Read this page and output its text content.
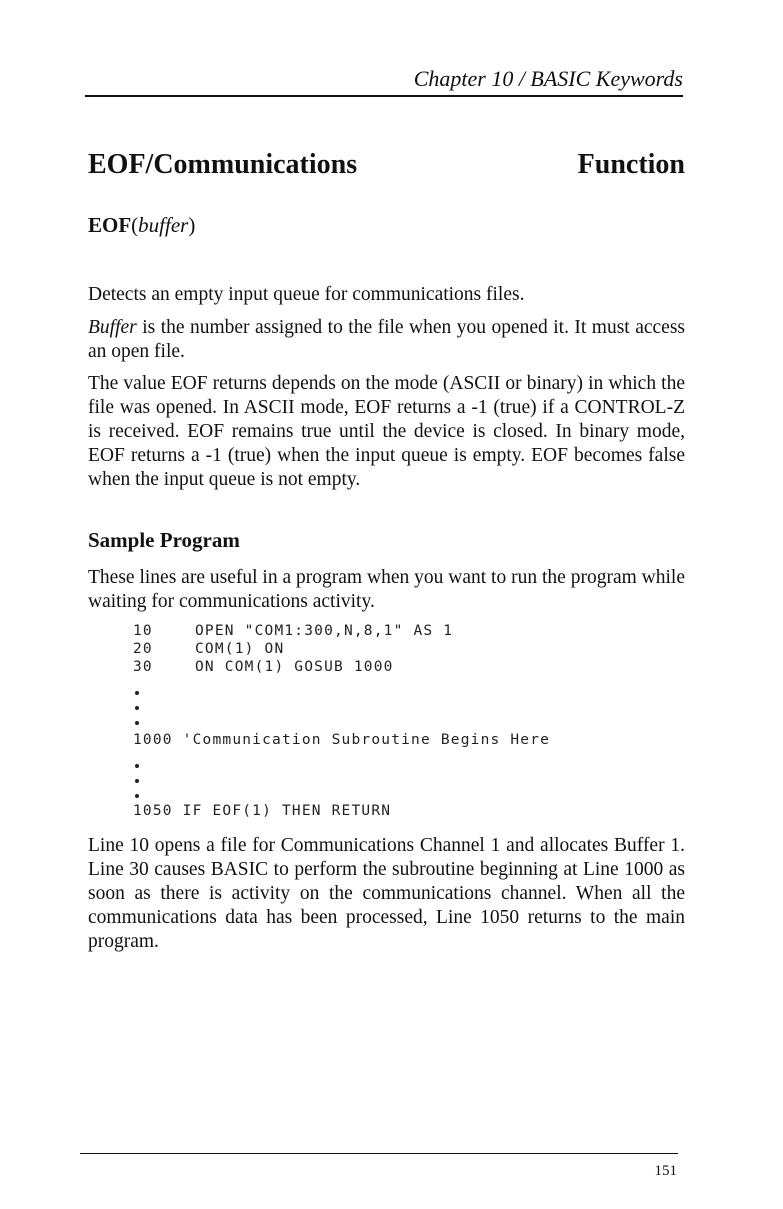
Chapter 10 / BASIC Keywords
EOF/Communications	Function
EOF(buffer)

Detects an empty input queue for communications files.

Buffer is the number assigned to the file when you opened it. It must access an open file.

The value EOF returns depends on the mode (ASCII or binary) in which the file was opened. In ASCII mode, EOF returns a -1 (true) if a CONTROL-Z is received. EOF remains true until the device is closed. In binary mode, EOF returns a -1 (true) when the input queue is empty. EOF becomes false when the input queue is not empty.

Sample Program

These lines are useful in a program when you want to run the program while waiting for communications activity.

10	OPEN "COM1:300,N,8,1" AS 1
20	COM(1) ON
30	ON COM(1) GOSUB 1000
1000 'Communication Subroutine Begins Here
1050 IF EOF(1) THEN RETURN

Line 10 opens a file for Communications Channel 1 and allocates Buffer 1. Line 30 causes BASIC to perform the subroutine beginning at Line 1000 as soon as there is activity on the communications channel. When all the communications data has been processed, Line 1050 returns to the main program.

151
